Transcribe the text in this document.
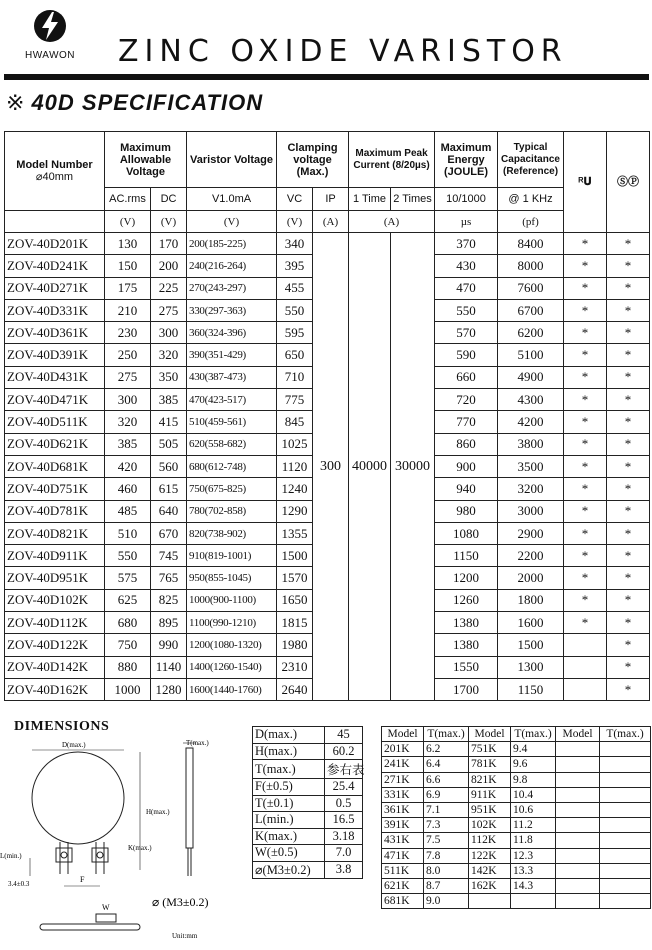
HWAWON ZINC OXIDE VARISTOR
※ 40D SPECIFICATION
Model Number
⌀40mm	Maximum Allowable Voltage		Varistor Voltage	Clamping voltage (Max.)		Maximum Peak Current (8/20µs)		Maximum Energy (JOULE)	Typical Capacitance (Reference)	ᴿ𝐔	ⓈⓅ
	AC.rms	DC	V1.0mA	VC	IP	1 Time	2 Times	10/1000	@ 1 KHz		
	(V)	(V)	(V)	(V)	(A)	(A)		µs	(pf)		
ZOV-40D201K	130	170	200(185-225)	340	300	40000	30000	370	8400	*	*
ZOV-40D241K	150	200	240(216-264)	395				430	8000	*	*
ZOV-40D271K	175	225	270(243-297)	455				470	7600	*	*
ZOV-40D331K	210	275	330(297-363)	550				550	6700	*	*
ZOV-40D361K	230	300	360(324-396)	595				570	6200	*	*
ZOV-40D391K	250	320	390(351-429)	650				590	5100	*	*
ZOV-40D431K	275	350	430(387-473)	710				660	4900	*	*
ZOV-40D471K	300	385	470(423-517)	775				720	4300	*	*
ZOV-40D511K	320	415	510(459-561)	845				770	4200	*	*
ZOV-40D621K	385	505	620(558-682)	1025				860	3800	*	*
ZOV-40D681K	420	560	680(612-748)	1120				900	3500	*	*
ZOV-40D751K	460	615	750(675-825)	1240				940	3200	*	*
ZOV-40D781K	485	640	780(702-858)	1290				980	3000	*	*
ZOV-40D821K	510	670	820(738-902)	1355				1080	2900	*	*
ZOV-40D911K	550	745	910(819-1001)	1500				1150	2200	*	*
ZOV-40D951K	575	765	950(855-1045)	1570				1200	2000	*	*
ZOV-40D102K	625	825	1000(900-1100)	1650				1260	1800	*	*
ZOV-40D112K	680	895	1100(990-1210)	1815				1380	1600	*	*
ZOV-40D122K	750	990	1200(1080-1320)	1980				1380	1500		*
ZOV-40D142K	880	1140	1400(1260-1540)	2310				1550	1300		*
ZOV-40D162K	1000	1280	1600(1440-1760)	2640				1700	1150		*
DIMENSIONS
D(max.)	T(max.)
H(max.)
K(max.)
L(min.)
F
3.4±0.3
W	⌀ (M3±0.2)
Unit:mm
D(max.)	45
H(max.)	60.2
T(max.)	参右表
F(±0.5)	25.4
T(±0.1)	0.5
L(min.)	16.5
K(max.)	3.18
W(±0.5)	7.0
⌀(M3±0.2)	3.8
Model	T(max.)	Model	T(max.)	Model	T(max.)
201K	6.2	751K	9.4		
241K	6.4	781K	9.6		
271K	6.6	821K	9.8		
331K	6.9	911K	10.4		
361K	7.1	951K	10.6		
391K	7.3	102K	11.2		
431K	7.5	112K	11.8		
471K	7.8	122K	12.3		
511K	8.0	142K	13.3		
621K	8.7	162K	14.3		
681K	9.0				
